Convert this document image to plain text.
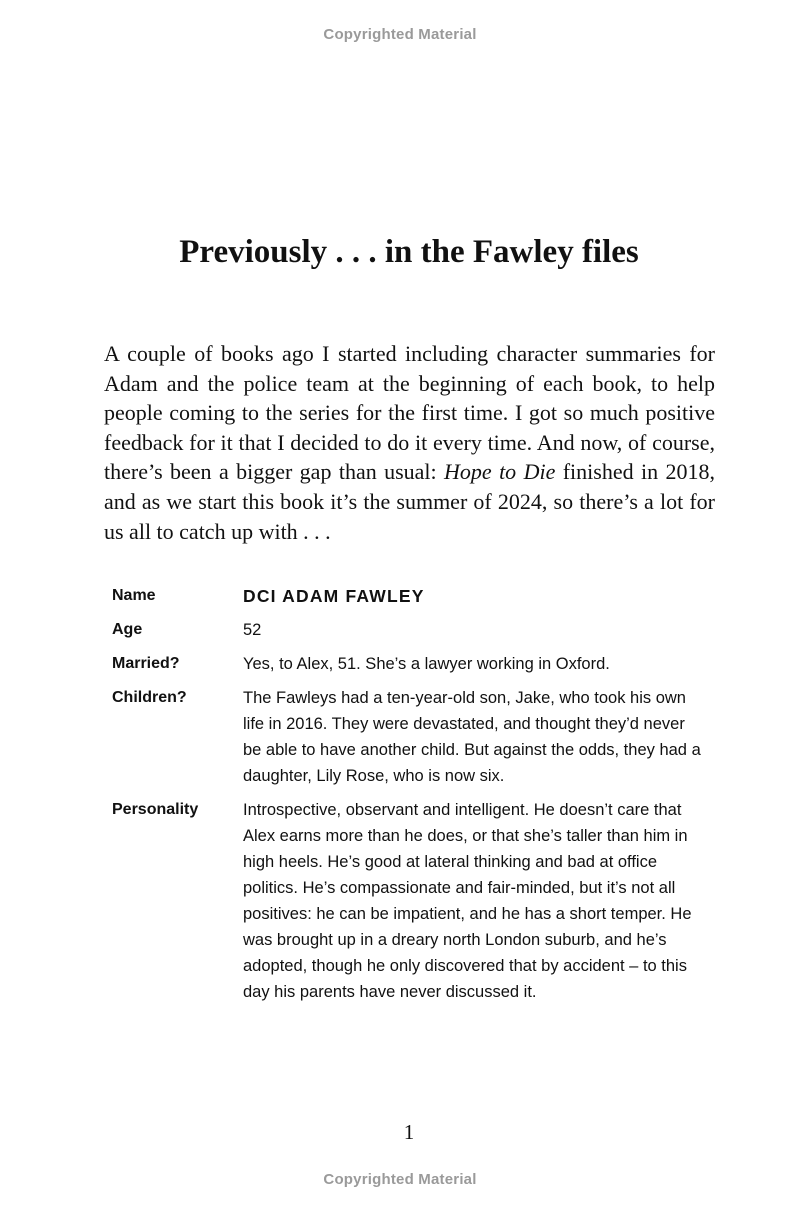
Copyrighted Material
Previously . . . in the Fawley files

A couple of books ago I started including character summaries for Adam and the police team at the beginning of each book, to help people coming to the series for the first time. I got so much positive feedback for it that I decided to do it every time. And now, of course, there’s been a bigger gap than usual: Hope to Die finished in 2018, and as we start this book it’s the summer of 2024, so there’s a lot for us all to catch up with . . .

Name	DCI ADAM FAWLEY
Age	52
Married?	Yes, to Alex, 51. She’s a lawyer working in Oxford.
Children?	The Fawleys had a ten-year-old son, Jake, who took his own life in 2016. They were devastated, and thought they’d never be able to have another child. But against the odds, they had a daughter, Lily Rose, who is now six.
Personality	Introspective, observant and intelligent. He doesn’t care that Alex earns more than he does, or that she’s taller than him in high heels. He’s good at lateral thinking and bad at office politics. He’s compassionate and fair-minded, but it’s not all positives: he can be impatient, and he has a short temper. He was brought up in a dreary north London suburb, and he’s adopted, though he only discovered that by accident – to this day his parents have never discussed it.
1
Copyrighted Material
